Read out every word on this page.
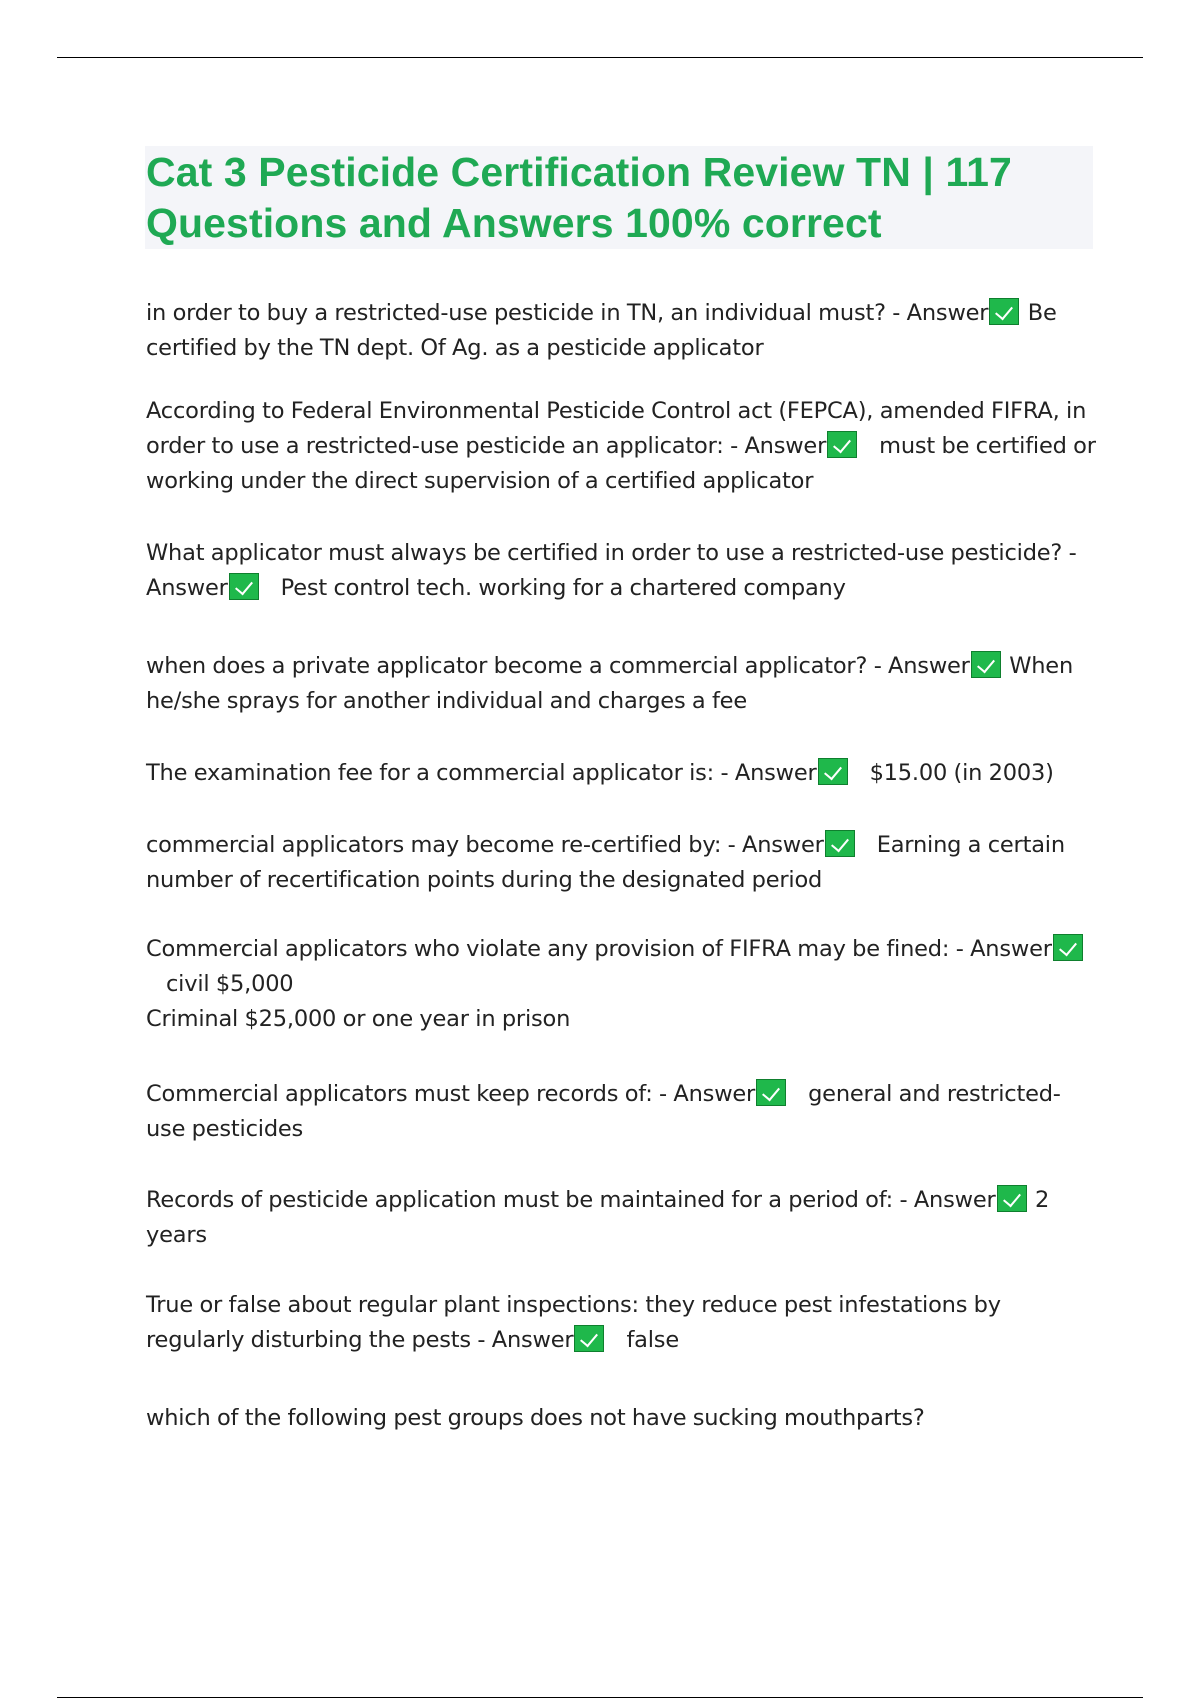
Cat 3 Pesticide Certification Review TN | 117 Questions and Answers 100% correct
in order to buy a restricted-use pesticide in TN, an individual must? - Answer Be certified by the TN dept. Of Ag. as a pesticide applicator
According to Federal Environmental Pesticide Control act (FEPCA), amended FIFRA, in order to use a restricted-use pesticide an applicator: - Answer must be certified or working under the direct supervision of a certified applicator
What applicator must always be certified in order to use a restricted-use pesticide? - Answer Pest control tech. working for a chartered company
when does a private applicator become a commercial applicator? - Answer When he/she sprays for another individual and charges a fee
The examination fee for a commercial applicator is: - Answer $15.00 (in 2003)
commercial applicators may become re-certified by: - Answer Earning a certain number of recertification points during the designated period
Commercial applicators who violate any provision of FIFRA may be fined: - Answercivil $5,000
Criminal $25,000 or one year in prison
Commercial applicators must keep records of: - Answer general and restricted-use pesticides
Records of pesticide application must be maintained for a period of: - Answer 2 years
True or false about regular plant inspections: they reduce pest infestations by regularly disturbing the pests - Answer false
which of the following pest groups does not have sucking mouthparts?
